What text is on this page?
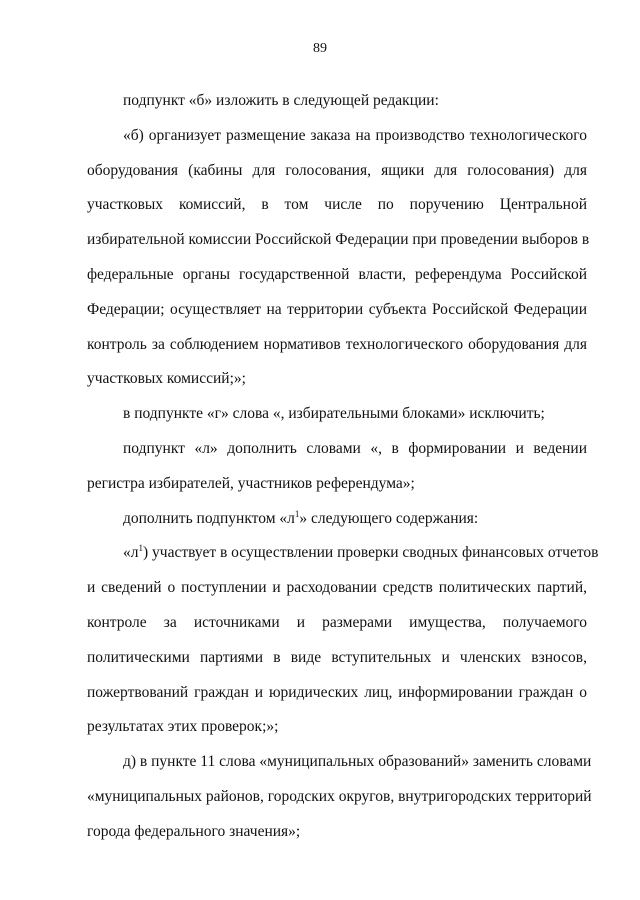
89
подпункт «б» изложить в следующей редакции:
«б) организует размещение заказа на производство технологического
оборудования (кабины для голосования, ящики для голосования) для
участковых комиссий, в том числе по поручению Центральной
избирательной комиссии Российской Федерации при проведении выборов в
федеральные органы государственной власти, референдума Российской
Федерации; осуществляет на территории субъекта Российской Федерации
контроль за соблюдением нормативов технологического оборудования для
участковых комиссий;»;
в подпункте «г» слова «, избирательными блоками» исключить;
подпункт «л» дополнить словами «, в формировании и ведении
регистра избирателей, участников референдума»;
дополнить подпунктом «$л^1$» следующего содержания:
«$л^1$) участвует в осуществлении проверки сводных финансовых отчетов
и сведений о поступлении и расходовании средств политических партий,
контроле за источниками и размерами имущества, получаемого
политическими партиями в виде вступительных и членских взносов,
пожертвований граждан и юридических лиц, информировании граждан о
результатах этих проверок;»;
д) в пункте 11 слова «муниципальных образований» заменить словами
«муниципальных районов, городских округов, внутригородских территорий
города федерального значения»;
